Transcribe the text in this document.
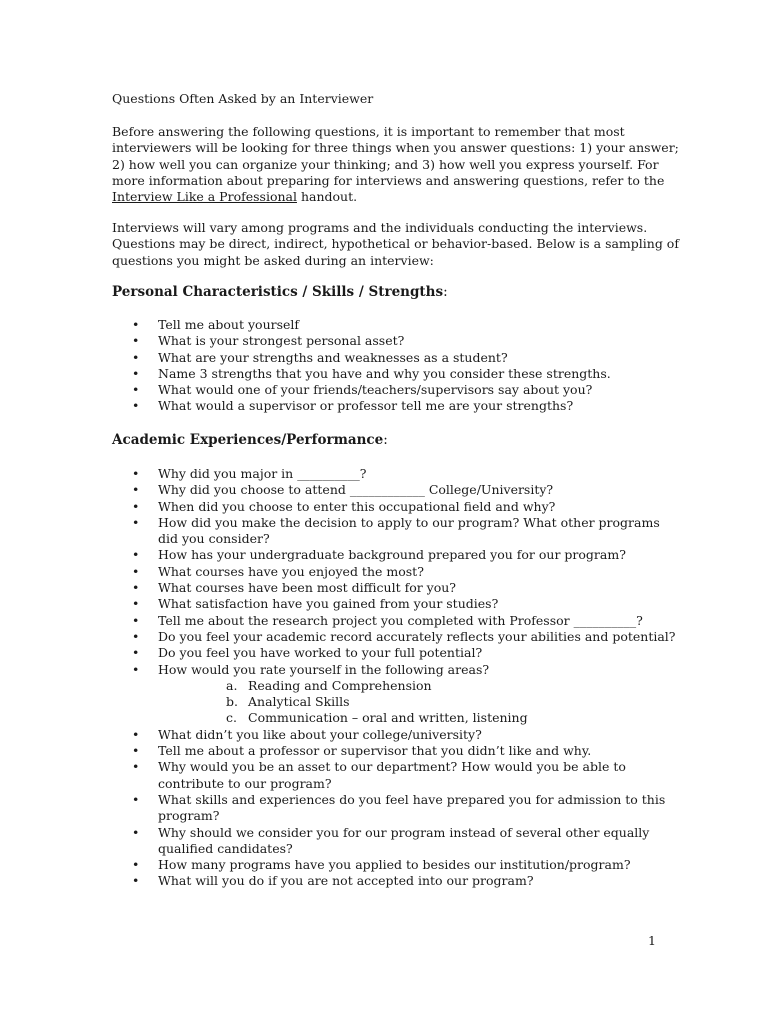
Questions Often Asked by an Interviewer
Before answering the following questions, it is important to remember that most
interviewers will be looking for three things when you answer questions: 1) your answer;
2) how well you can organize your thinking; and 3) how well you express yourself. For
more information about preparing for interviews and answering questions, refer to the
Interview Like a Professional handout.
Interviews will vary among programs and the individuals conducting the interviews.
Questions may be direct, indirect, hypothetical or behavior-based. Below is a sampling of
questions you might be asked during an interview:
Personal Characteristics / Skills / Strengths:
• Tell me about yourself
• What is your strongest personal asset?
• What are your strengths and weaknesses as a student?
• Name 3 strengths that you have and why you consider these strengths.
• What would one of your friends/teachers/supervisors say about you?
• What would a supervisor or professor tell me are your strengths?
Academic Experiences/Performance:
• Why did you major in __________?
• Why did you choose to attend ____________ College/University?
• When did you choose to enter this occupational field and why?
• How did you make the decision to apply to our program? What other programs
did you consider?
• How has your undergraduate background prepared you for our program?
• What courses have you enjoyed the most?
• What courses have been most difficult for you?
• What satisfaction have you gained from your studies?
• Tell me about the research project you completed with Professor __________?
• Do you feel your academic record accurately reflects your abilities and potential?
• Do you feel you have worked to your full potential?
• How would you rate yourself in the following areas?
a. Reading and Comprehension
b. Analytical Skills
c. Communication – oral and written, listening
• What didn’t you like about your college/university?
• Tell me about a professor or supervisor that you didn’t like and why.
• Why would you be an asset to our department? How would you be able to
contribute to our program?
• What skills and experiences do you feel have prepared you for admission to this
program?
• Why should we consider you for our program instead of several other equally
qualified candidates?
• How many programs have you applied to besides our institution/program?
• What will you do if you are not accepted into our program?
1
